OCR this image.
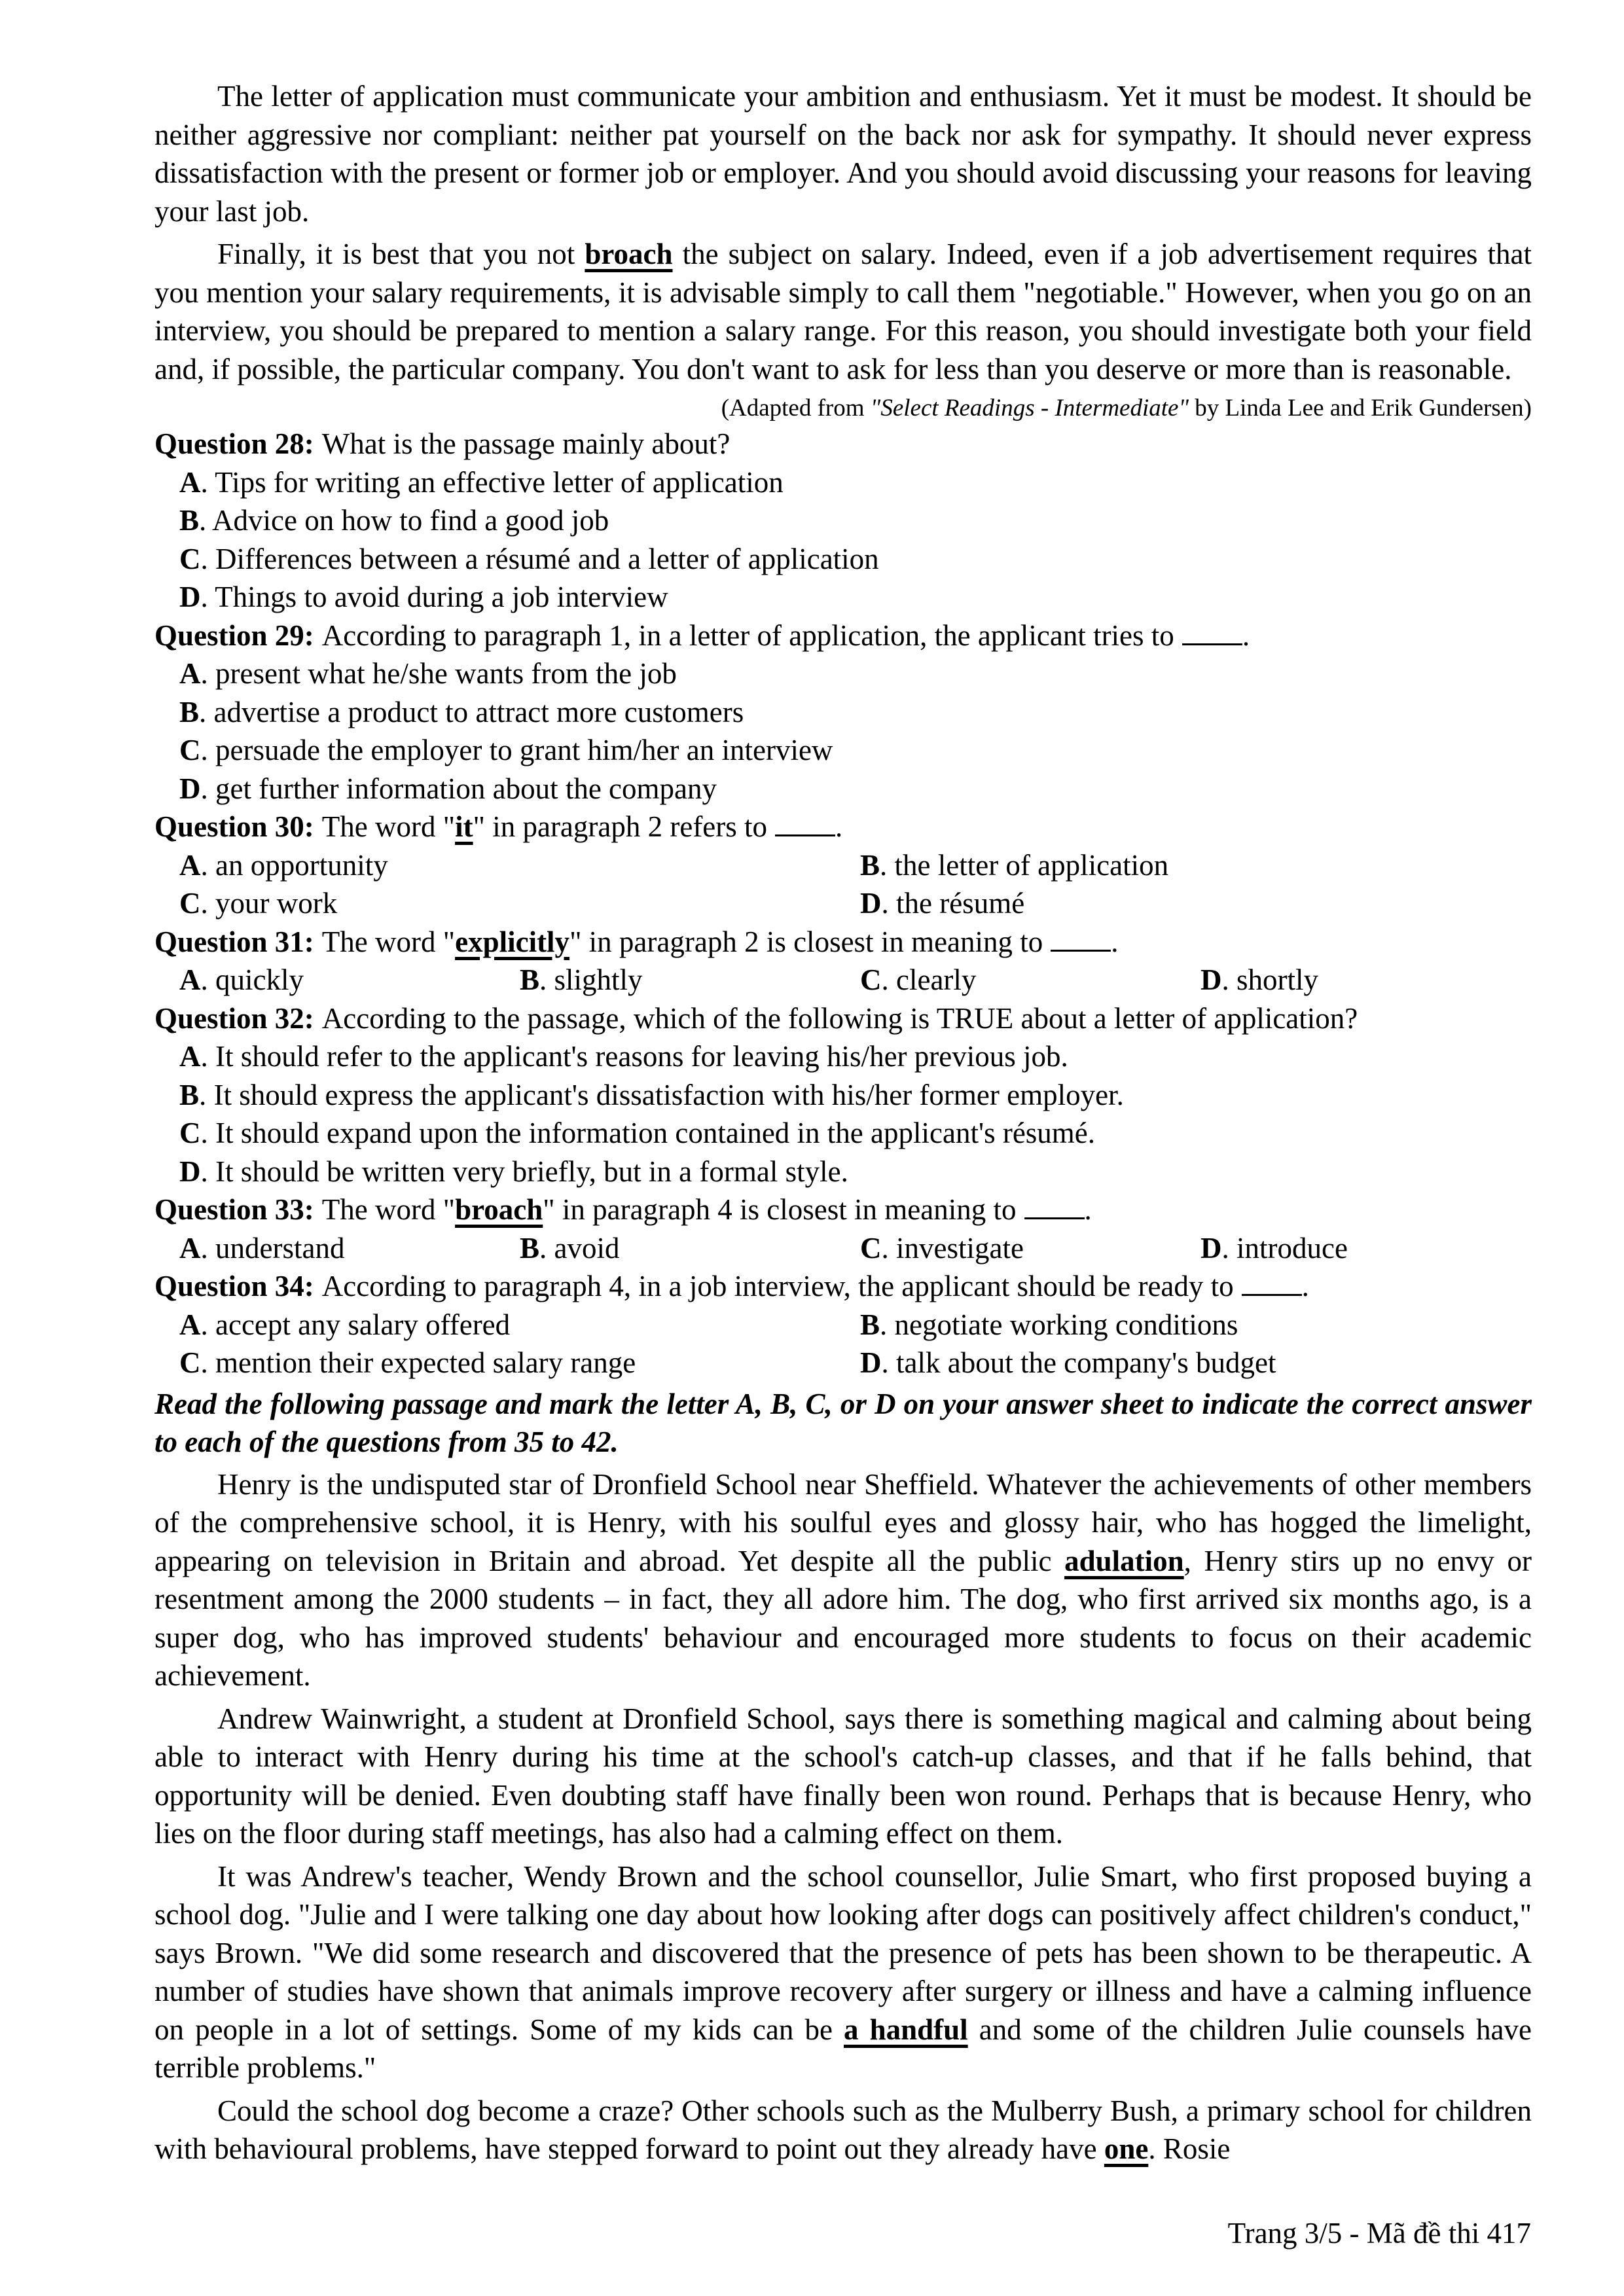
The letter of application must communicate your ambition and enthusiasm. Yet it must be modest. It should be neither aggressive nor compliant: neither pat yourself on the back nor ask for sympathy. It should never express dissatisfaction with the present or former job or employer. And you should avoid discussing your reasons for leaving your last job.

Finally, it is best that you not broach the subject on salary. Indeed, even if a job advertisement requires that you mention your salary requirements, it is advisable simply to call them "negotiable." However, when you go on an interview, you should be prepared to mention a salary range. For this reason, you should investigate both your field and, if possible, the particular company. You don't want to ask for less than you deserve or more than is reasonable.

(Adapted from "Select Readings - Intermediate" by Linda Lee and Erik Gundersen)

Question 28: What is the passage mainly about?
A. Tips for writing an effective letter of application
B. Advice on how to find a good job
C. Differences between a résumé and a letter of application
D. Things to avoid during a job interview
Question 29: According to paragraph 1, in a letter of application, the applicant tries to .
A. present what he/she wants from the job
B. advertise a product to attract more customers
C. persuade the employer to grant him/her an interview
D. get further information about the company
Question 30: The word "it" in paragraph 2 refers to .
A. an opportunity	B. the letter of application
C. your work	D. the résumé
Question 31: The word "explicitly" in paragraph 2 is closest in meaning to .
A. quickly	B. slightly	C. clearly	D. shortly
Question 32: According to the passage, which of the following is TRUE about a letter of application?
A. It should refer to the applicant's reasons for leaving his/her previous job.
B. It should express the applicant's dissatisfaction with his/her former employer.
C. It should expand upon the information contained in the applicant's résumé.
D. It should be written very briefly, but in a formal style.
Question 33: The word "broach" in paragraph 4 is closest in meaning to .
A. understand	B. avoid	C. investigate	D. introduce
Question 34: According to paragraph 4, in a job interview, the applicant should be ready to .
A. accept any salary offered	B. negotiate working conditions
C. mention their expected salary range	D. talk about the company's budget

Read the following passage and mark the letter A, B, C, or D on your answer sheet to indicate the correct answer to each of the questions from 35 to 42.

Henry is the undisputed star of Dronfield School near Sheffield. Whatever the achievements of other members of the comprehensive school, it is Henry, with his soulful eyes and glossy hair, who has hogged the limelight, appearing on television in Britain and abroad. Yet despite all the public adulation, Henry stirs up no envy or resentment among the 2000 students – in fact, they all adore him. The dog, who first arrived six months ago, is a super dog, who has improved students' behaviour and encouraged more students to focus on their academic achievement.

Andrew Wainwright, a student at Dronfield School, says there is something magical and calming about being able to interact with Henry during his time at the school's catch-up classes, and that if he falls behind, that opportunity will be denied. Even doubting staff have finally been won round. Perhaps that is because Henry, who lies on the floor during staff meetings, has also had a calming effect on them.

It was Andrew's teacher, Wendy Brown and the school counsellor, Julie Smart, who first proposed buying a school dog. "Julie and I were talking one day about how looking after dogs can positively affect children's conduct," says Brown. "We did some research and discovered that the presence of pets has been shown to be therapeutic. A number of studies have shown that animals improve recovery after surgery or illness and have a calming influence on people in a lot of settings. Some of my kids can be a handful and some of the children Julie counsels have terrible problems."

Could the school dog become a craze? Other schools such as the Mulberry Bush, a primary school for children with behavioural problems, have stepped forward to point out they already have one. Rosie

Trang 3/5 - Mã đề thi 417
